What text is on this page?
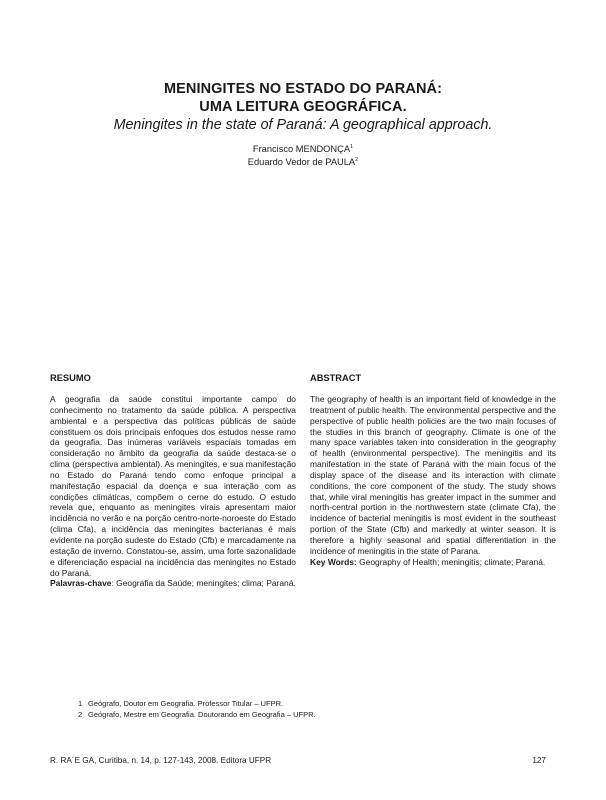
MENINGITES NO ESTADO DO PARANÁ:
UMA LEITURA GEOGRÁFICA.
Meningites in the state of Paraná: A geographical approach.
Francisco MENDONÇA$^1$
Eduardo Vedor de PAULA$^2$
RESUMO

A geografia da saúde constitui importante campo do conhecimento no tratamento da saúde pública. A perspectiva ambiental e a perspectiva das políticas públicas de saúde constituem os dois principais enfoques dos estudos nesse ramo da geografia. Das inúmeras variáveis espaciais tomadas em consideração no âmbito da geografia da saúde destaca-se o clima (perspectiva ambiental). As meningites, e sua manifestação no Estado do Paraná tendo como enfoque principal a manifestação espacial da doença e sua interação com as condições climáticas, compõem o cerne do estudo. O estudo revela que, enquanto as meningites virais apresentam maior incidência no verão e na porção centro-norte-noroeste do Estado (clima Cfa), a incidência das meningites bacterianas é mais evidente na porção sudeste do Estado (Cfb) e marcadamente na estação de inverno. Constatou-se, assim, uma forte sazonalidade e diferenciação espacial na incidência das meningites no Estado do Paraná.

Palavras-chave: Geografia da Saúde; meningites; clima; Paraná.

ABSTRACT

The geography of health is an important field of knowledge in the treatment of public health. The environmental perspective and the perspective of public health policies are the two main focuses of the studies in this branch of geography. Climate is one of the many space variables taken into consideration in the geography of health (environmental perspective). The meningitis and its manifestation in the state of Paraná with the main focus of the display space of the disease and its interaction with climate conditions, the core component of the study. The study shows that, while viral meningitis has greater impact in the summer and north-central portion in the northwestern state (climate Cfa), the incidence of bacterial meningitis is most evident in the southeast portion of the State (Cfb) and markedly at winter season. It is therefore a highly seasonal and spatial differentiation in the incidence of meningitis in the state of Parana.

Key Words: Geography of Health; meningitis; climate; Paraná.

1 Geógrafo, Doutor em Geografia. Professor Titular – UFPR.
2 Geógrafo, Mestre em Geografia. Doutorando em Geografia – UFPR.
R. RA´E GA, Curitiba, n. 14, p. 127-143, 2008. Editora UFPR	127
